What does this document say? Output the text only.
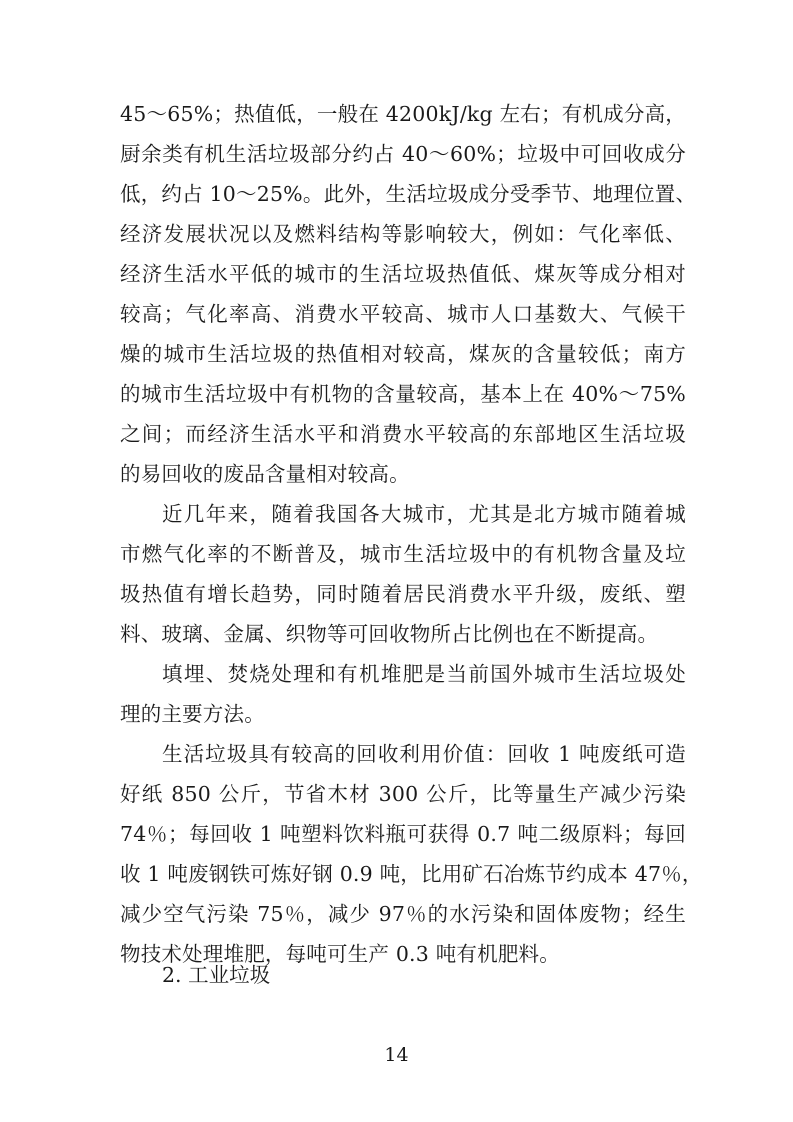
45～65%；热值低，一般在 4200kJ/kg 左右；有机成分高，
厨余类有机生活垃圾部分约占 40～60%；垃圾中可回收成分
低，约占 10～25%。此外，生活垃圾成分受季节、地理位置、
经济发展状况以及燃料结构等影响较大，例如：气化率低、
经济生活水平低的城市的生活垃圾热值低、煤灰等成分相对
较高；气化率高、消费水平较高、城市人口基数大、气候干
燥的城市生活垃圾的热值相对较高，煤灰的含量较低；南方
的城市生活垃圾中有机物的含量较高，基本上在 40%～75%
之间；而经济生活水平和消费水平较高的东部地区生活垃圾
的易回收的废品含量相对较高。
近几年来，随着我国各大城市，尤其是北方城市随着城
市燃气化率的不断普及，城市生活垃圾中的有机物含量及垃
圾热值有增长趋势，同时随着居民消费水平升级，废纸、塑
料、玻璃、金属、织物等可回收物所占比例也在不断提高。
填埋、焚烧处理和有机堆肥是当前国外城市生活垃圾处
理的主要方法。
生活垃圾具有较高的回收利用价值：回收 1 吨废纸可造
好纸 850 公斤，节省木材 300 公斤，比等量生产减少污染
74％；每回收 1 吨塑料饮料瓶可获得 0.7 吨二级原料；每回
收 1 吨废钢铁可炼好钢 0.9 吨，比用矿石冶炼节约成本 47％，
减少空气污染 75％，减少 97％的水污染和固体废物；经生
物技术处理堆肥，每吨可生产 0.3 吨有机肥料。
2. 工业垃圾
14
